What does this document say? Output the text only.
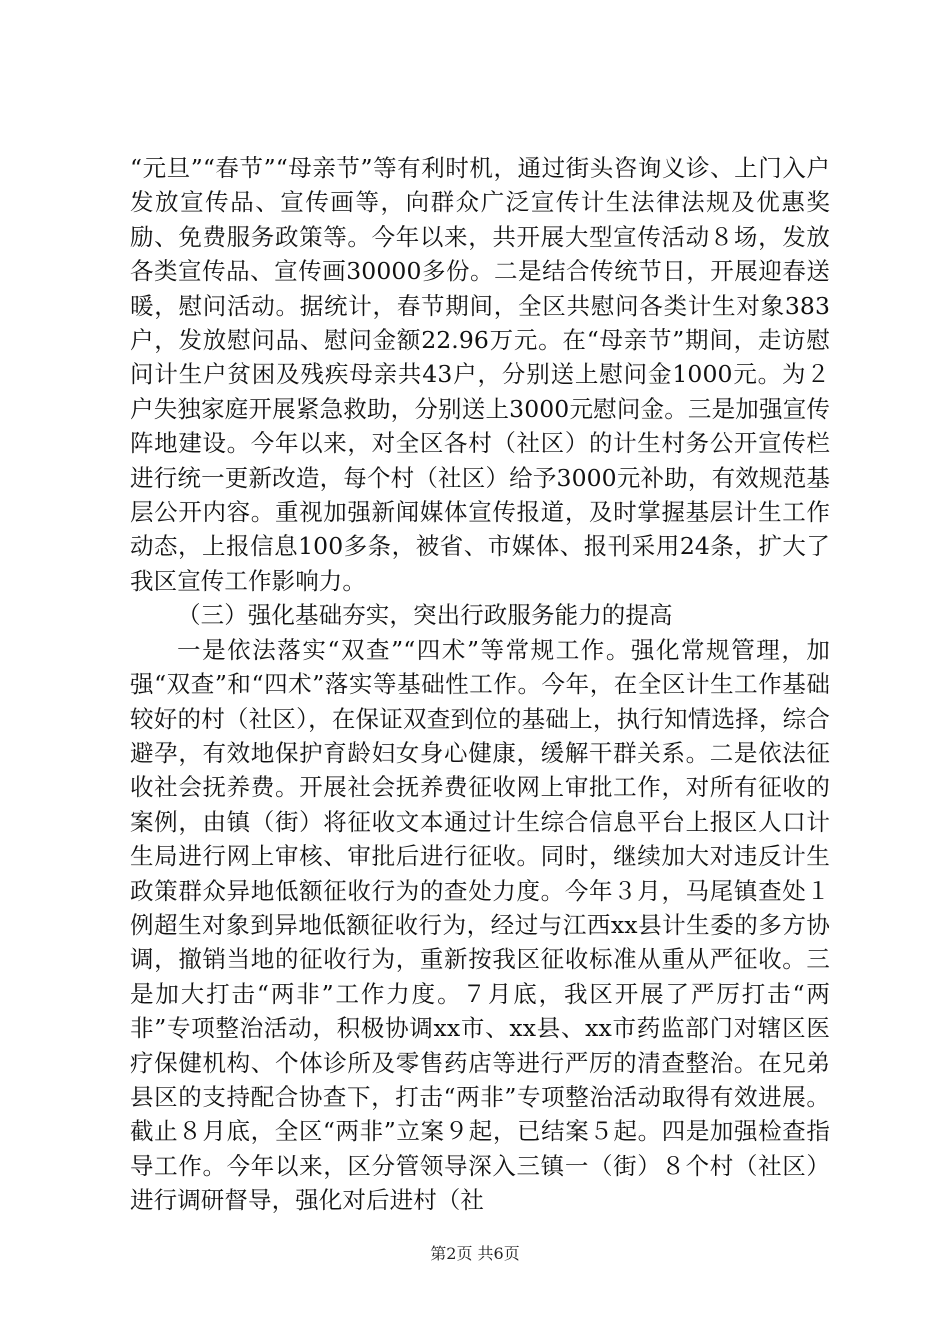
“元旦”“春节”“母亲节”等有利时机，通过街头咨询义诊、上门入户发放宣传品、宣传画等，向群众广泛宣传计生法律法规及优惠奖励、免费服务政策等。今年以来，共开展大型宣传活动８场，发放各类宣传品、宣传画30000多份。二是结合传统节日，开展迎春送暖，慰问活动。据统计，春节期间，全区共慰问各类计生对象383户，发放慰问品、慰问金额22.96万元。在“母亲节”期间，走访慰问计生户贫困及残疾母亲共43户，分别送上慰问金1000元。为２户失独家庭开展紧急救助，分别送上3000元慰问金。三是加强宣传阵地建设。今年以来，对全区各村（社区）的计生村务公开宣传栏进行统一更新改造，每个村（社区）给予3000元补助，有效规范基层公开内容。重视加强新闻媒体宣传报道，及时掌握基层计生工作动态，上报信息100多条，被省、市媒体、报刊采用24条，扩大了我区宣传工作影响力。

（三）强化基础夯实，突出行政服务能力的提高

一是依法落实“双查”“四术”等常规工作。强化常规管理，加强“双查”和“四术”落实等基础性工作。今年，在全区计生工作基础较好的村（社区），在保证双查到位的基础上，执行知情选择，综合避孕，有效地保护育龄妇女身心健康，缓解干群关系。二是依法征收社会抚养费。开展社会抚养费征收网上审批工作，对所有征收的案例，由镇（街）将征收文本通过计生综合信息平台上报区人口计生局进行网上审核、审批后进行征收。同时，继续加大对违反计生政策群众异地低额征收行为的查处力度。今年３月，马尾镇查处１例超生对象到异地低额征收行为，经过与江西xx县计生委的多方协调，撤销当地的征收行为，重新按我区征收标准从重从严征收。三是加大打击“两非”工作力度。７月底，我区开展了严厉打击“两非”专项整治活动，积极协调xx市、xx县、xx市药监部门对辖区医疗保健机构、个体诊所及零售药店等进行严厉的清查整治。在兄弟县区的支持配合协查下，打击“两非”专项整治活动取得有效进展。截止８月底，全区“两非”立案９起，已结案５起。四是加强检查指导工作。今年以来，区分管领导深入三镇一（街）８个村（社区）进行调研督导，强化对后进村（社

第2页 共6页
